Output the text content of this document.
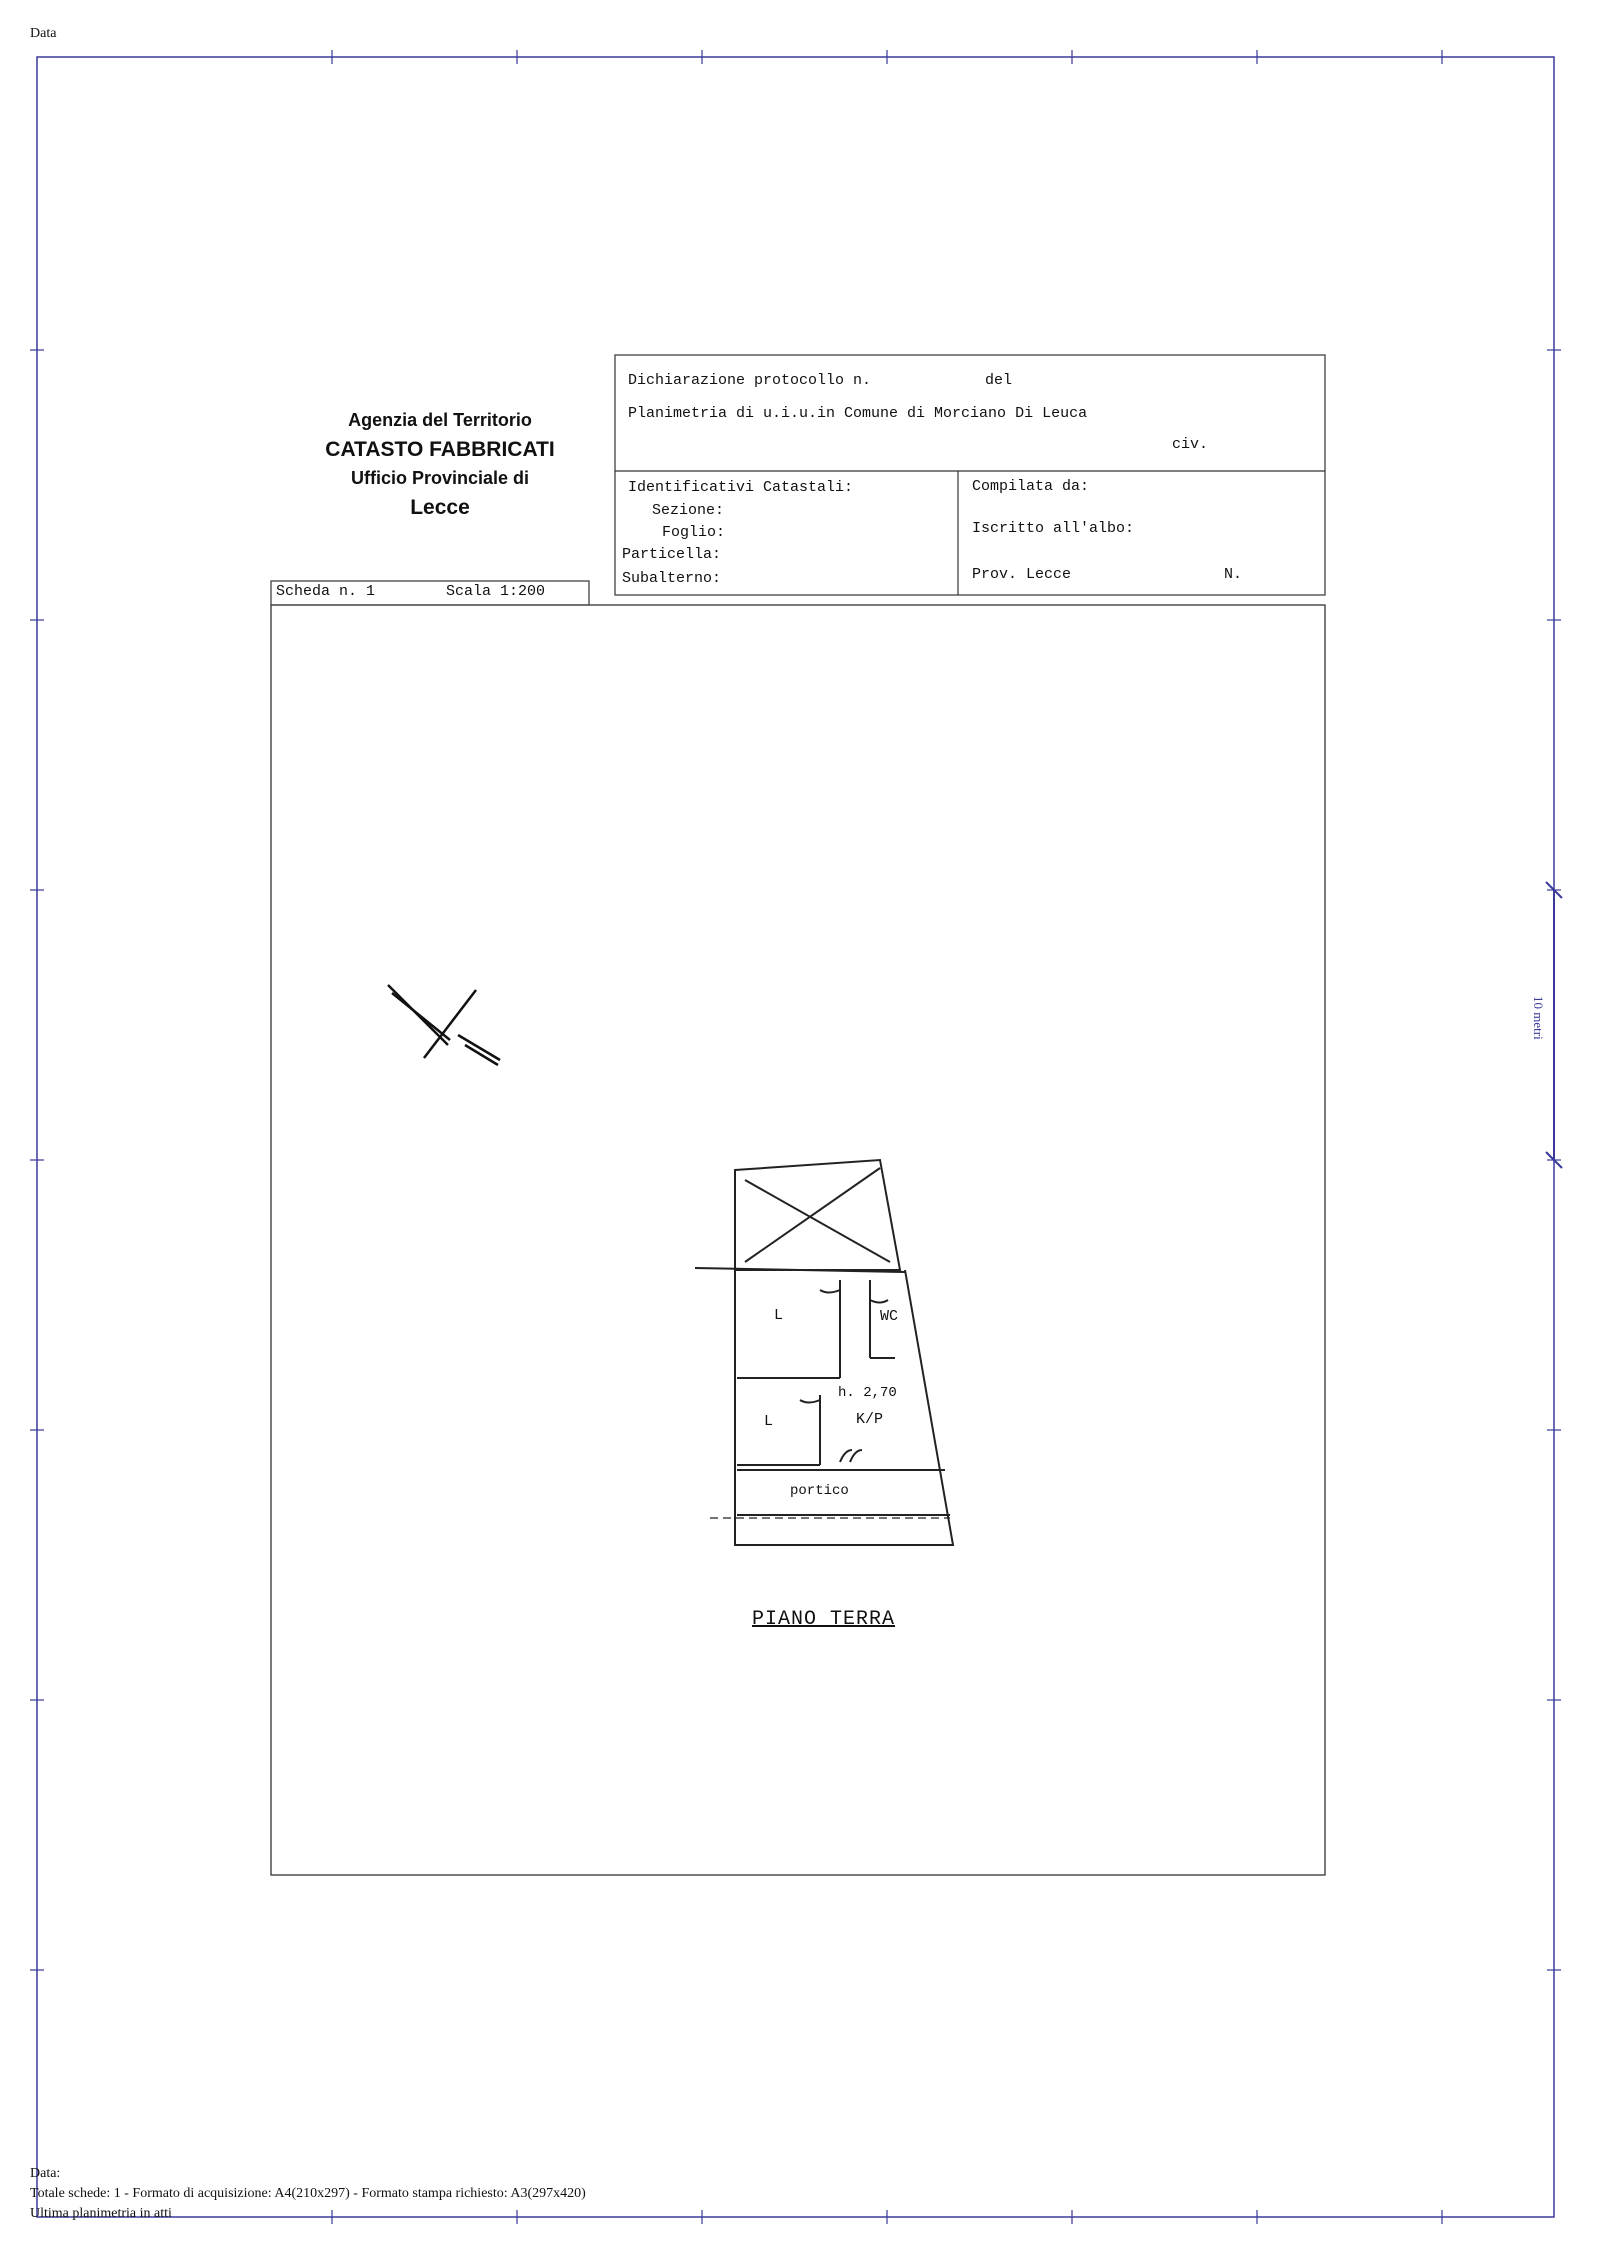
Data
Agenzia del Territorio
CATASTO FABBRICATI
Ufficio Provinciale di
Lecce
Dichiarazione protocollo n.	del
Planimetria di u.i.u.in Comune di Morciano Di Leuca
civ.
Identificativi Catastali:
Sezione:
Foglio:
Particella:
Subalterno:
Compilata da:
Iscritto all'albo:
Prov. Lecce	N.
Scheda n. 1	Scala 1:200
L	WC
h. 2,70
L	K/P
portico
PIANO TERRA
10 metri
Data:
Totale schede: 1 - Formato di acquisizione: A4(210x297) - Formato stampa richiesto: A3(297x420)
Ultima planimetria in atti
